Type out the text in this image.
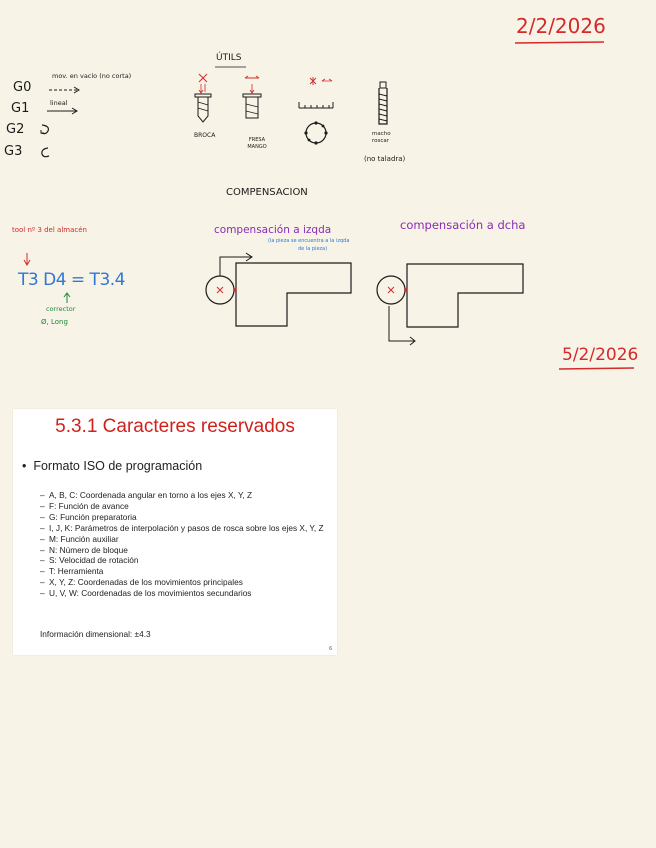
2/2/2026
5/2/2026
G0
mov. en vacío (no corta)
G1	lineal
G2
G3
ÚTILS
BROCA
FRESA MANGO
macho roscar
(no taladra)
COMPENSACION
tool nº 3 del almacén
T3 D4 = T3.4
corrector
Ø, Long
compensación a izqda
(la pieza se encuentra a la izqda
de la pieza)
compensación a dcha
5.3.1 Caracteres reservados
•  Formato ISO de programación
– A, B, C: Coordenada angular en torno a los ejes X, Y, Z
– F: Función de avance
– G: Función preparatoria
– I, J, K: Parámetros de interpolación y pasos de rosca sobre los ejes X, Y, Z
– M: Función auxiliar
– N: Número de bloque
– S: Velocidad de rotación
– T: Herramienta
– X, Y, Z: Coordenadas de los movimientos principales
– U, V, W: Coordenadas de los movimientos secundarios
Información dimensional: ±4.3
6
